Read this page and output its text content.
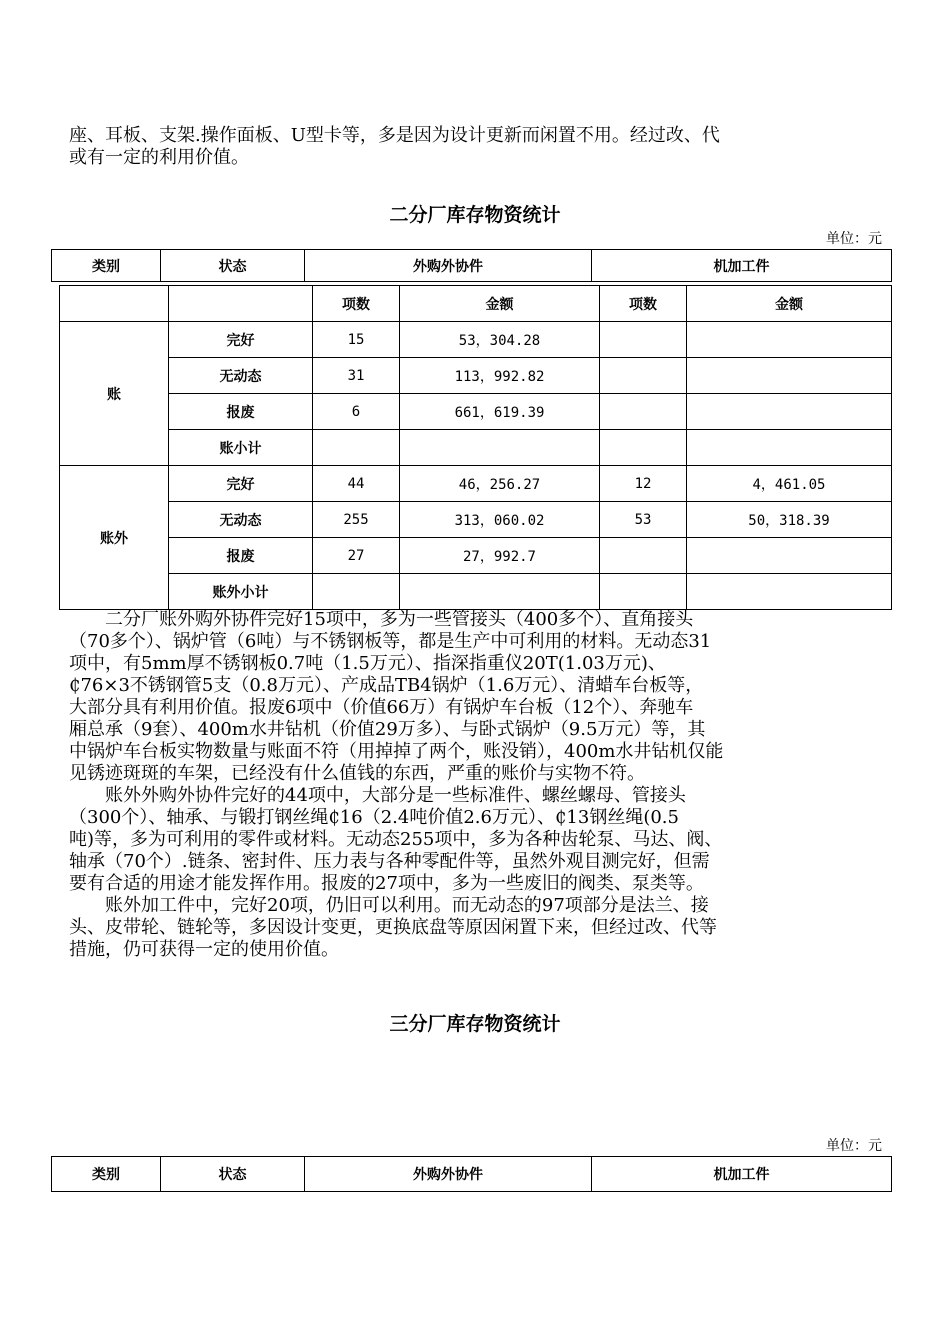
座、耳板、支架.操作面板、U型卡等，多是因为设计更新而闲置不用。经过改、代
或有一定的利用价值。
二分厂库存物资统计
单位：元
类别	状态	外购外协件	机加工件
		项数	金额	项数	金额
账	完好	15	53，304.28		
	无动态	31	113，992.82		
	报废	6	661，619.39		
	账小计				
账外	完好	44	46，256.27	12	4，461.05
	无动态	255	313，060.02	53	50，318.39
	报废	27	27，992.7		
	账外小计				
　　二分厂账外购外协件完好15项中，多为一些管接头（400多个）、直角接头
（70多个）、锅炉管（6吨）与不锈钢板等，都是生产中可利用的材料。无动态31
项中，有5mm厚不锈钢板0.7吨（1.5万元）、指深指重仪20T(1.03万元)、
₵76×3不锈钢管5支（0.8万元）、产成品TB4锅炉（1.6万元）、清蜡车台板等，
大部分具有利用价值。报废6项中（价值66万）有锅炉车台板（12个）、奔驰车
厢总承（9套）、400m水井钻机（价值29万多）、与卧式锅炉（9.5万元）等，其
中锅炉车台板实物数量与账面不符（用掉掉了两个，账没销），400m水井钻机仅能
见锈迹斑斑的车架，已经没有什么值钱的东西，严重的账价与实物不符。
　　账外外购外协件完好的44项中，大部分是一些标准件、螺丝螺母、管接头
（300个）、轴承、与锻打钢丝绳₵16（2.4吨价值2.6万元）、₵13钢丝绳(0.5
吨)等，多为可利用的零件或材料。无动态255项中，多为各种齿轮泵、马达、阀、
轴承（70个）.链条、密封件、压力表与各种零配件等，虽然外观目测完好，但需
要有合适的用途才能发挥作用。报废的27项中，多为一些废旧的阀类、泵类等。
　　账外加工件中，完好20项，仍旧可以利用。而无动态的97项部分是法兰、接
头、皮带轮、链轮等，多因设计变更，更换底盘等原因闲置下来，但经过改、代等
措施，仍可获得一定的使用价值。
三分厂库存物资统计
单位：元
类别	状态	外购外协件	机加工件
